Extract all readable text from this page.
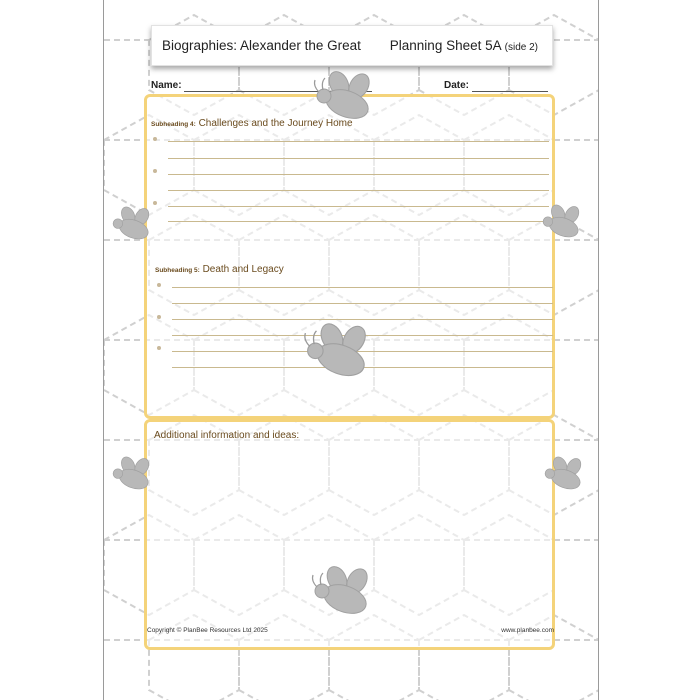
Biographies: Alexander the Great Planning Sheet 5A (side 2)
Name:	Date:
Subheading 4: Challenges and the Journey Home
Subheading 5: Death and Legacy
Additional information and ideas:
Copyright © PlanBee Resources Ltd 2025	www.planbee.com
